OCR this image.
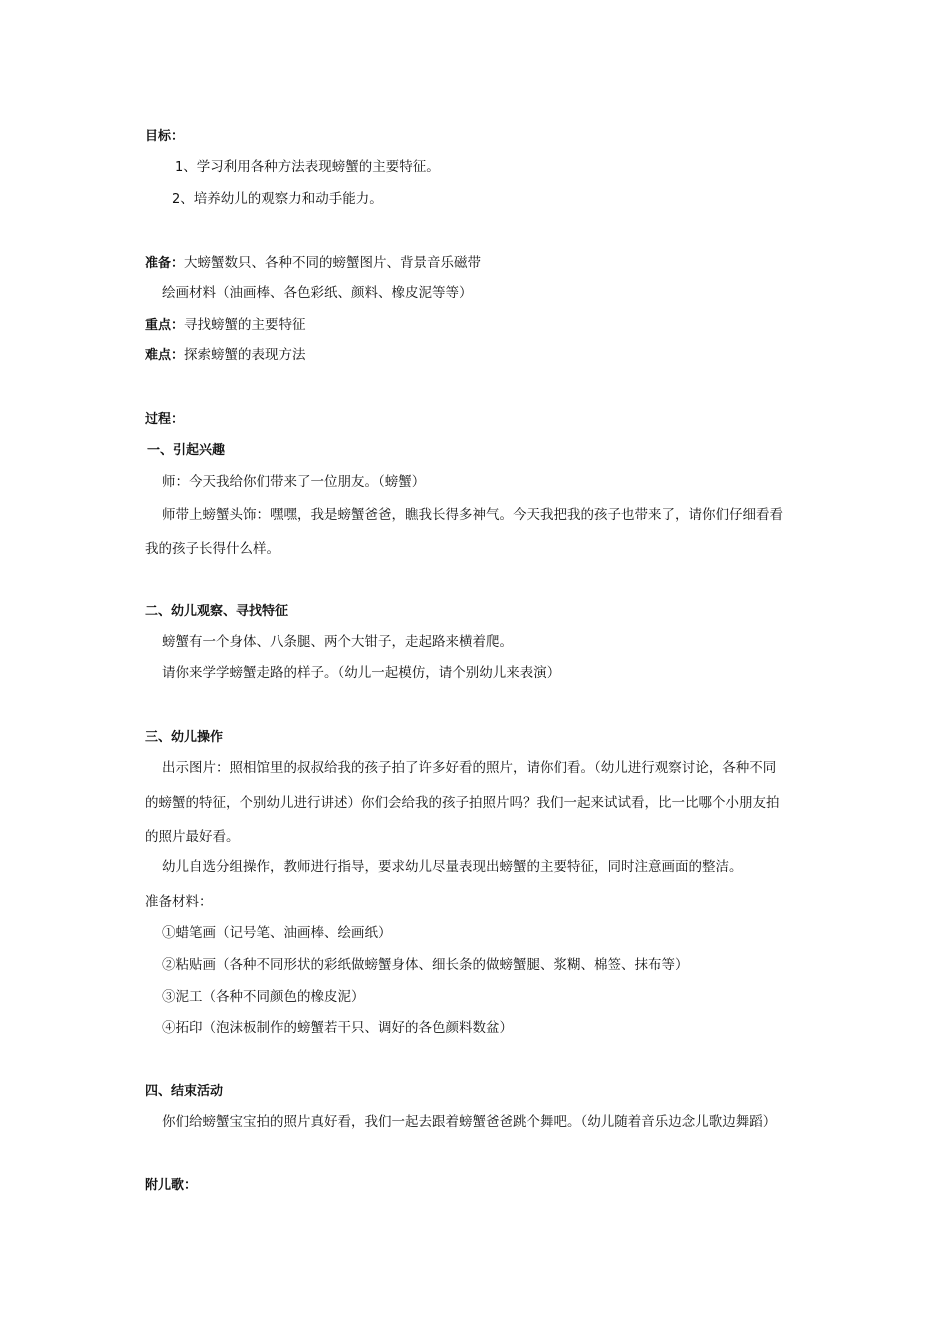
目标：
1、学习利用各种方法表现螃蟹的主要特征。
2、培养幼儿的观察力和动手能力。
准备：大螃蟹数只、各种不同的螃蟹图片、背景音乐磁带
绘画材料（油画棒、各色彩纸、颜料、橡皮泥等等）
重点：寻找螃蟹的主要特征
难点：探索螃蟹的表现方法
过程：
一、引起兴趣
师：今天我给你们带来了一位朋友。（螃蟹）
师带上螃蟹头饰：嘿嘿，我是螃蟹爸爸，瞧我长得多神气。今天我把我的孩子也带来了，请你们仔细看看
我的孩子长得什么样。
二、幼儿观察、寻找特征
螃蟹有一个身体、八条腿、两个大钳子，走起路来横着爬。
请你来学学螃蟹走路的样子。（幼儿一起模仿，请个别幼儿来表演）
三、幼儿操作
出示图片：照相馆里的叔叔给我的孩子拍了许多好看的照片，请你们看。（幼儿进行观察讨论，各种不同
的螃蟹的特征，个别幼儿进行讲述）你们会给我的孩子拍照片吗？我们一起来试试看，比一比哪个小朋友拍
的照片最好看。
幼儿自选分组操作，教师进行指导，要求幼儿尽量表现出螃蟹的主要特征，同时注意画面的整洁。
准备材料：
①蜡笔画（记号笔、油画棒、绘画纸）
②粘贴画（各种不同形状的彩纸做螃蟹身体、细长条的做螃蟹腿、浆糊、棉签、抹布等）
③泥工（各种不同颜色的橡皮泥）
④拓印（泡沫板制作的螃蟹若干只、调好的各色颜料数盆）
四、结束活动
你们给螃蟹宝宝拍的照片真好看，我们一起去跟着螃蟹爸爸跳个舞吧。（幼儿随着音乐边念儿歌边舞蹈）
附儿歌：
